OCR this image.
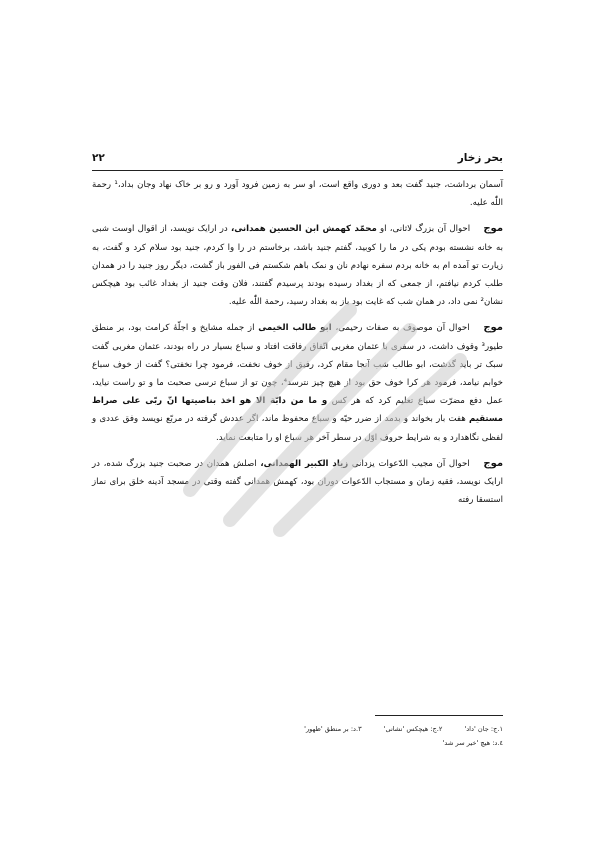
بحر زخار
۲۲

آسمان برداشت، جنید گفت بعد و دوری واقع است، او سر به زمین فرود آورد و رو بر خاک نهاد وجان بداد،¹ رحمة اللّٰه علیه.

موج احوال آن بزرگ لاثانی، او محمّد کهمش ابن الحسین همدانی، در ارایک نویسد، از اقوال اوست شبی به خانه نشسته بودم یکی در ما را کوبید، گفتم جنید باشد، برخاستم در را وا کردم، جنید بود سلام کرد و گفت، به زیارت تو آمده ام به خانه بردم سفره نهادم نان و نمک باهم شکستم فی الفور باز گشت، دیگر روز جنید را در همدان طلب کردم نیافتم، از جمعی که از بغداد رسیده بودند پرسیدم گفتند، فلان وقت جنید از بغداد غائب بود هیچکس نشان² نمی داد، در همان شب که غایت بود باز به بغداد رسید، رحمة اللّٰه علیه.

موج احوال آن موصوف به صفات رحیمی، ابو طالب الخیمی از جمله مشایخ و اجلّهٔ کرامت بود، بر منطق طیور³ وقوف داشت، در سفری با عثمان مغربی اتّفاق رفاقت افتاد و سباع بسیار در راه بودند، عثمان مغربی گفت سبک تر باید گذشت، ابو طالب شب آنجا مقام کرد، رفیق از خوف نخفت، فرمود چرا نخفتی؟ گفت از خوف سباع خوابم نیامد، فرمود هر کرا خوف حق بود از هیچ چیز نترسد⁴، چون تو از سباع ترسی صحبت ما و تو راست نیاید، عمل دفع مضرّت سباع تعلیم کرد که هر کس و ما من دابّة الا هو اخذ بناصیتها انّ ربّی علی صراط مستقیم هفت بار بخواند و بدمد از ضرر حیّه و سباع محفوظ ماند، اگر عددش گرفته در مربّع نویسد وفق عددی و لفظی نگاهدارد و به شرایط حروف اوّل در سطر آخر هر سباع او را متابعت نماید.

موج احوال آن مجیب الدّعوات یزدانی زیاد الکبیر الهمدانی، اصلش همدان در صحبت جنید بزرگ شده، در ارایک نویسد، فقیه زمان و مستجاب الدّعوات دوران بود، کهمش همدانی گفته وقتی در مسجد آدینه خلق برای نماز استسقا رفته

۱.ج: جان 'داد'
۲.ج: هیچکس 'نشانی'
۳.د: بر منطق 'ظهور'
٤.د: هیچ 'خیر سر شد'
